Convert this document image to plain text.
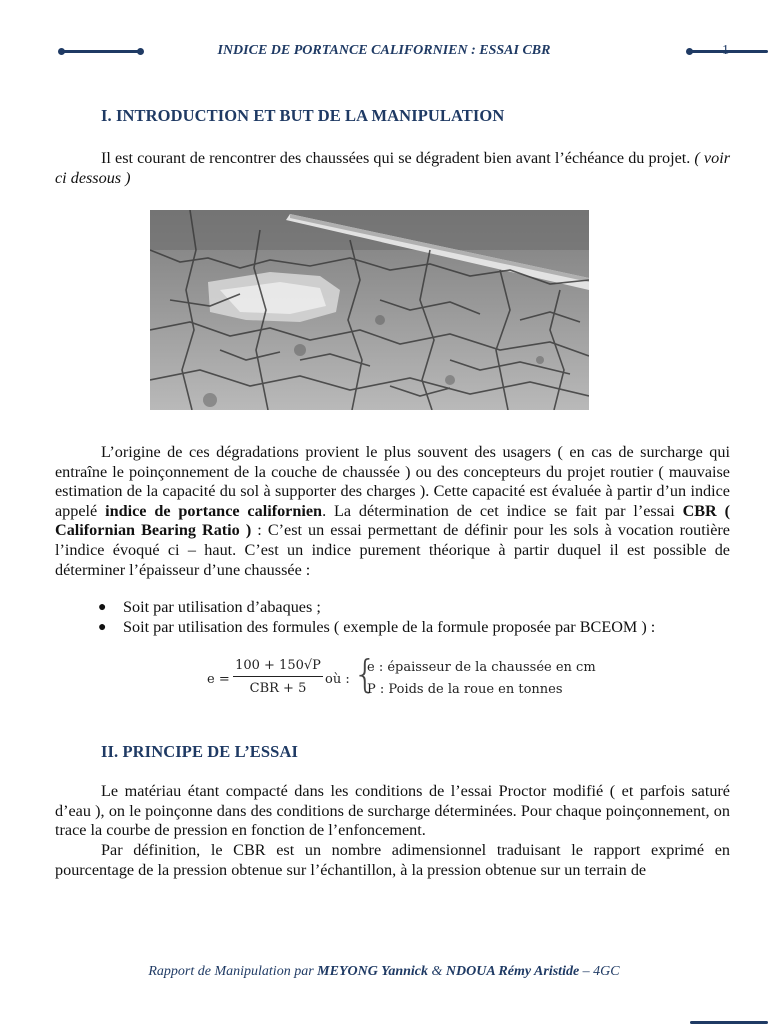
INDICE DE PORTANCE CALIFORNIEN : ESSAI CBR	1
I. INTRODUCTION ET BUT DE LA MANIPULATION
Il est courant de rencontrer des chaussées qui se dégradent bien avant l’échéance du projet. ( voir ci dessous )
L’origine de ces dégradations provient le plus souvent des usagers ( en cas de surcharge qui entraîne le poinçonnement de la couche de chaussée ) ou des concepteurs du projet routier ( mauvaise estimation de la capacité du sol à supporter des charges ). Cette capacité est évaluée à partir d’un indice appelé indice de portance californien. La détermination de cet indice se fait par l’essai CBR ( Californian Bearing Ratio ) : C’est un essai permettant de définir pour les sols à vocation routière l’indice évoqué ci – haut. C’est un indice purement théorique à partir duquel il est possible de déterminer l’épaisseur d’une chaussée :
●	Soit par utilisation d’abaques ;
●	Soit par utilisation des formules ( exemple de la formule proposée par BCEOM ) :
e =
100 + 150√P
CBR + 5
où : {
e : épaisseur de la chaussée en cm
P : Poids de la roue en tonnes
II. PRINCIPE DE L’ESSAI
Le matériau étant compacté dans les conditions de l’essai Proctor modifié ( et parfois saturé d’eau ), on le poinçonne dans des conditions de surcharge déterminées. Pour chaque poinçonnement, on trace la courbe de pression en fonction de l’enfoncement.
Par définition, le CBR est un nombre adimensionnel traduisant le rapport exprimé en pourcentage de la pression obtenue sur l’échantillon, à la pression obtenue sur un terrain de
Rapport de Manipulation par MEYONG Yannick & NDOUA Rémy Aristide – 4GC
